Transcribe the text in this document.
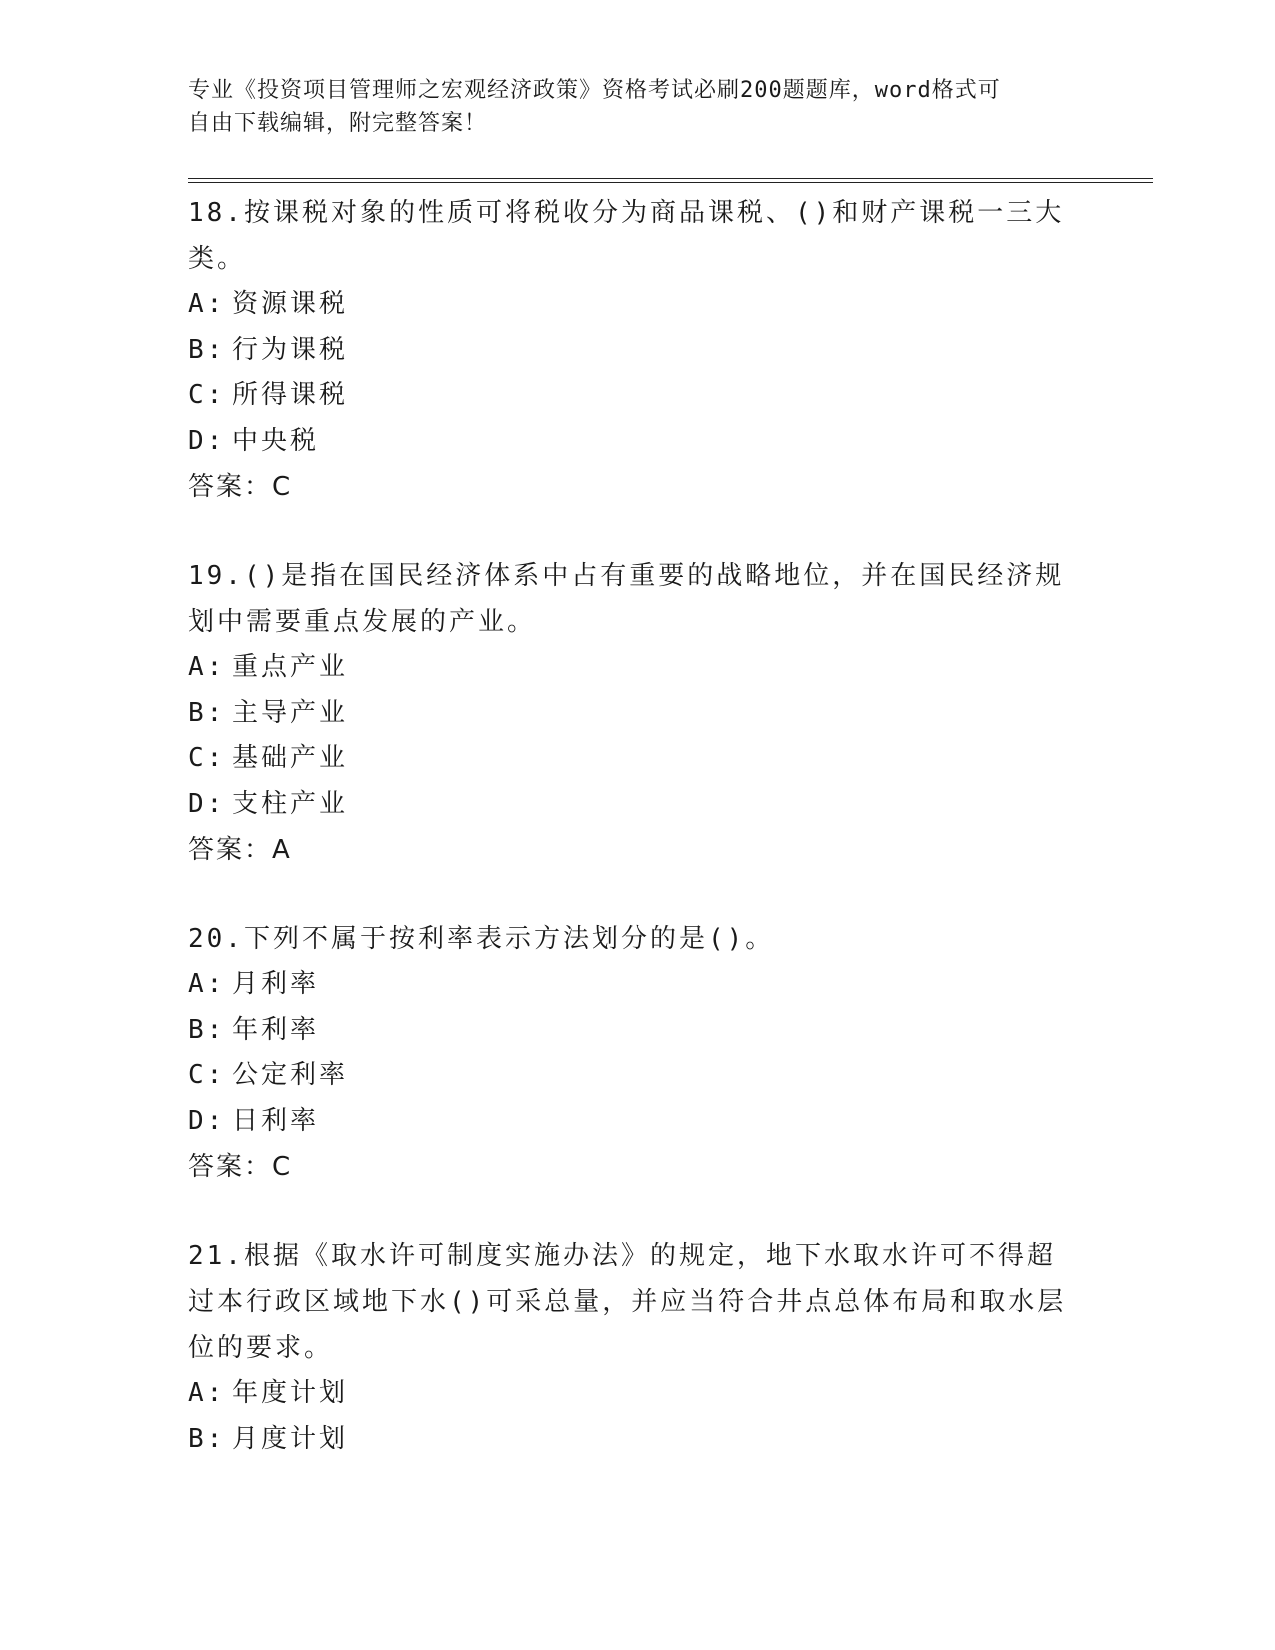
专业《投资项目管理师之宏观经济政策》资格考试必刷200题题库，word格式可
自由下载编辑，附完整答案！
18.按课税对象的性质可将税收分为商品课税、()和财产课税一三大类。
A: 资源课税
B: 行为课税
C: 所得课税
D: 中央税
答案：C
19.()是指在国民经济体系中占有重要的战略地位，并在国民经济规划中需要重点发展的产业。
A: 重点产业
B: 主导产业
C: 基础产业
D: 支柱产业
答案：A
20.下列不属于按利率表示方法划分的是()。
A: 月利率
B: 年利率
C: 公定利率
D: 日利率
答案：C
21.根据《取水许可制度实施办法》的规定，地下水取水许可不得超过本行政区域地下水()可采总量，并应当符合井点总体布局和取水层位的要求。
A: 年度计划
B: 月度计划
